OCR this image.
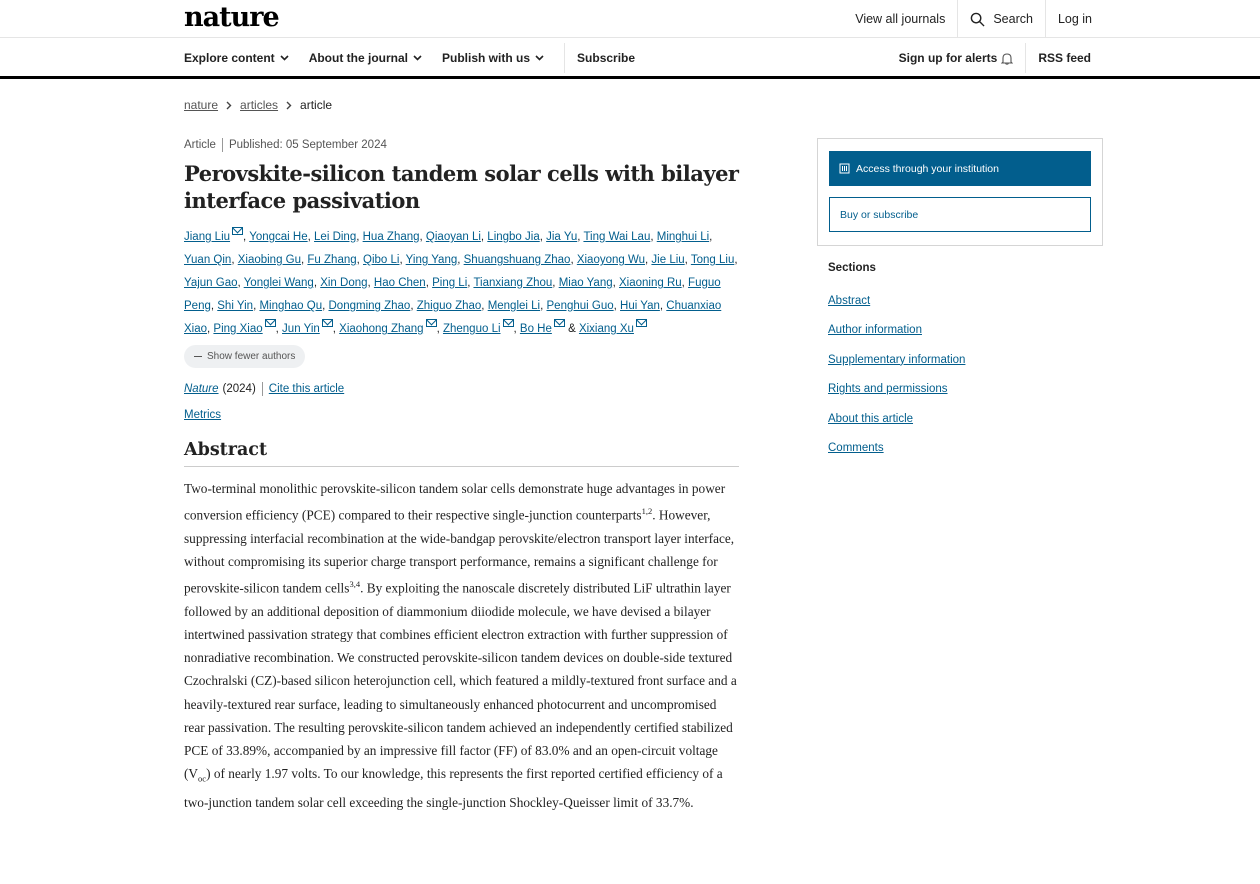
nature	View all journals	Search	Log in
Explore content	About the journal	Publish with us	Subscribe	Sign up for alerts	RSS feed
nature articles article
Article Published: 05 September 2024
Perovskite-silicon tandem solar cells with bilayer interface passivation
Jiang Liu , Yongcai He, Lei Ding, Hua Zhang, Qiaoyan Li, Lingbo Jia, Jia Yu, Ting Wai Lau, Minghui Li, Yuan Qin, Xiaobing Gu, Fu Zhang, Qibo Li, Ying Yang, Shuangshuang Zhao, Xiaoyong Wu, Jie Liu, Tong Liu, Yajun Gao, Yonglei Wang, Xin Dong, Hao Chen, Ping Li, Tianxiang Zhou, Miao Yang, Xiaoning Ru, Fuguo Peng, Shi Yin, Minghao Qu, Dongming Zhao, Zhiguo Zhao, Menglei Li, Penghui Guo, Hui Yan, Chuanxiao Xiao, Ping Xiao , Jun Yin , Xiaohong Zhang , Zhenguo Li , Bo He & Xixiang Xu
Show fewer authors
Nature (2024) Cite this article
Metrics
Abstract

Two-terminal monolithic perovskite-silicon tandem solar cells demonstrate huge advantages in power conversion efficiency (PCE) compared to their respective single-junction counterparts$^{1,2}$. However, suppressing interfacial recombination at the wide-bandgap perovskite/electron transport layer interface, without compromising its superior charge transport performance, remains a significant challenge for perovskite-silicon tandem cells$^{3,4}$. By exploiting the nanoscale discretely distributed LiF ultrathin layer followed by an additional deposition of diammonium diiodide molecule, we have devised a bilayer intertwined passivation strategy that combines efficient electron extraction with further suppression of nonradiative recombination. We constructed perovskite-silicon tandem devices on double-side textured Czochralski (CZ)-based silicon heterojunction cell, which featured a mildly-textured front surface and a heavily-textured rear surface, leading to simultaneously enhanced photocurrent and uncompromised rear passivation. The resulting perovskite-silicon tandem achieved an independently certified stabilized PCE of 33.89%, accompanied by an impressive fill factor (FF) of 83.0% and an open-circuit voltage $(V_{oc})$ of nearly 1.97 volts. To our knowledge, this represents the first reported certified efficiency of a two-junction tandem solar cell exceeding the single-junction Shockley-Queisser limit of 33.7%.

Access through your institution
Buy or subscribe
Sections
Abstract
Author information
Supplementary information
Rights and permissions
About this article
Comments
